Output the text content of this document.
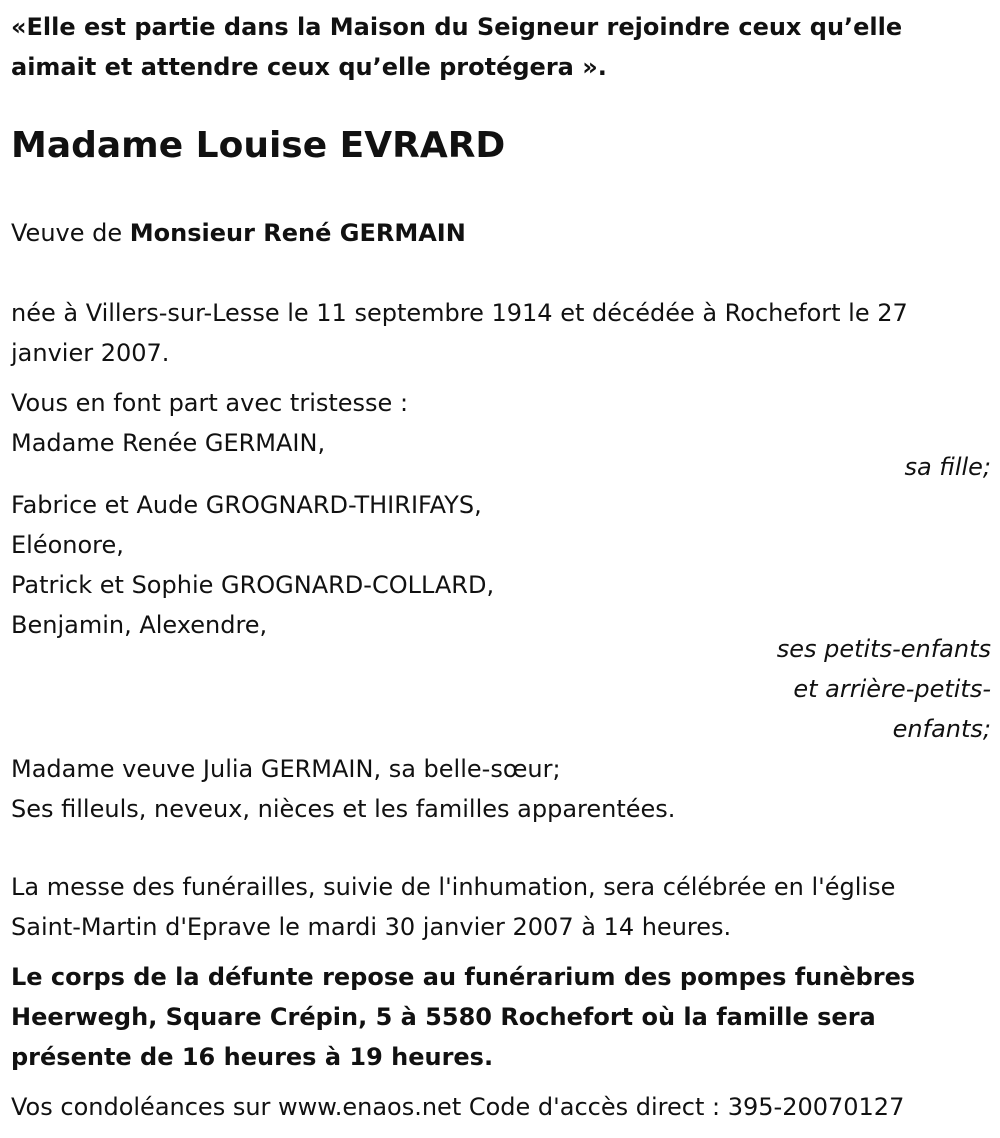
«Elle est partie dans la Maison du Seigneur rejoindre ceux qu’elle aimait et attendre ceux qu’elle protégera ».
Madame Louise EVRARD
Veuve de Monsieur René GERMAIN
née à Villers-sur-Lesse le 11 septembre 1914 et décédée à Rochefort le 27 janvier 2007.
Vous en font part avec tristesse :
Madame Renée GERMAIN,
sa fille;
Fabrice et Aude GROGNARD-THIRIFAYS,
Eléonore,
Patrick et Sophie GROGNARD-COLLARD,
Benjamin, Alexendre,
ses petits-enfants
et arrière-petits-
enfants;
Madame veuve Julia GERMAIN, sa belle-sœur;
Ses filleuls, neveux, nièces et les familles apparentées.
La messe des funérailles, suivie de l'inhumation, sera célébrée en l'église
Saint-Martin d'Eprave le mardi 30 janvier 2007 à 14 heures.
Le corps de la défunte repose au funérarium des pompes funèbres Heerwegh, Square Crépin, 5 à 5580 Rochefort où la famille sera présente de 16 heures à 19 heures.
Vos condoléances sur www.enaos.net Code d'accès direct : 395-20070127
